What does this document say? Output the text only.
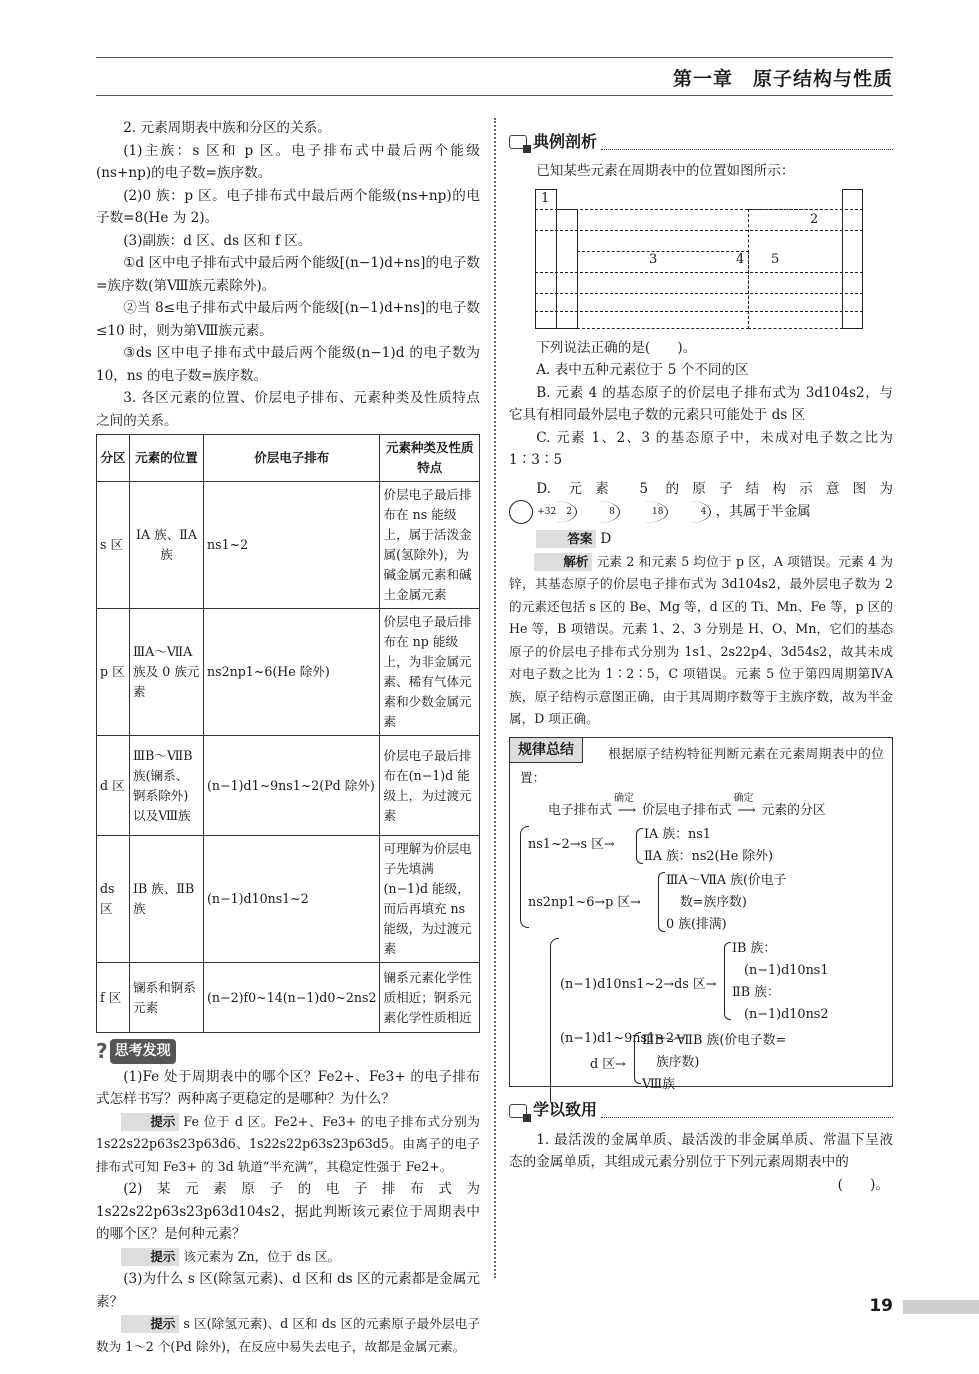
第一章　原子结构与性质

2. 元素周期表中族和分区的关系。

(1)主族：s 区和 p 区。电子排布式中最后两个能级(ns+np)的电子数=族序数。

(2)0 族：p 区。电子排布式中最后两个能级(ns+np)的电子数=8(He 为 2)。

(3)副族：d 区、ds 区和 f 区。

①d 区中电子排布式中最后两个能级[(n−1)d+ns]的电子数=族序数(第Ⅷ族元素除外)。

②当 8≤电子排布式中最后两个能级[(n−1)d+ns]的电子数≤10 时，则为第Ⅷ族元素。

③ds 区中电子排布式中最后两个能级(n−1)d 的电子数为 10，ns 的电子数=族序数。

3. 各区元素的位置、价层电子排布、元素种类及性质特点之间的关系。

分区	元素的位置	价层电子排布	元素种类及性质特点
s 区	ⅠA 族、ⅡA 族	ns1~2	价层电子最后排布在 ns 能级上，属于活泼金属(氢除外)，为碱金属元素和碱土金属元素
p 区	ⅢA～ⅦA 族及 0 族元素	ns2np1~6(He 除外)	价层电子最后排布在 np 能级上，为非金属元素、稀有气体元素和少数金属元素
d 区	ⅢB～ⅦB 族(镧系、锕系除外)以及Ⅷ族	(n−1)d1~9ns1~2(Pd 除外)	价层电子最后排布在(n−1)d 能级上，为过渡元素
ds 区	ⅠB 族、ⅡB 族	(n−1)d10ns1~2	可理解为价层电子先填满(n−1)d 能级，而后再填充 ns 能级，为过渡元素
f 区	镧系和锕系元素	(n−2)f0~14(n−1)d0~2ns2	镧系元素化学性质相近；锕系元素化学性质相近
? 思考发现

(1)Fe 处于周期表中的哪个区？Fe2+、Fe3+ 的电子排布式怎样书写？两种离子更稳定的是哪种？为什么？

提示 Fe 位于 d 区。Fe2+、Fe3+ 的电子排布式分别为 1s22s22p63s23p63d6、1s22s22p63s23p63d5。由离子的电子排布式可知 Fe3+ 的 3d 轨道“半充满”，其稳定性强于 Fe2+。

(2)某元素原子的电子排布式为 1s22s22p63s23p63d104s2，据此判断该元素位于周期表中的哪个区？是何种元素？

提示 该元素为 Zn，位于 ds 区。

(3)为什么 s 区(除氢元素)、d 区和 ds 区的元素都是金属元素？

提示 s 区(除氢元素)、d 区和 ds 区的元素原子最外层电子数为 1～2 个(Pd 除外)，在反应中易失去电子，故都是金属元素。

典例剖析

已知某些元素在周期表中的位置如图所示：

1
2
3	4 5

下列说法正确的是(　　)。

A. 表中五种元素位于 5 个不同的区

B. 元素 4 的基态原子的价层电子排布式为 3d104s2，与它具有相同最外层电子数的元素只可能处于 ds 区

C. 元素 1、2、3 的基态原子中，未成对电子数之比为 1∶3∶5

D. 元素 5 的原子结构示意图为
+32	2	8	18	4 ，其属于半金属

答案 D

解析 元素 2 和元素 5 均位于 p 区，A 项错误。元素 4 为锌，其基态原子的价层电子排布式为 3d104s2，最外层电子数为 2 的元素还包括 s 区的 Be、Mg 等，d 区的 Ti、Mn、Fe 等，p 区的 He 等，B 项错误。元素 1、2、3 分别是 H、O、Mn，它们的基态原子的价层电子排布式分别为 1s1、2s22p4、3d54s2，故其未成对电子数之比为 1∶2∶5，C 项错误。元素 5 位于第四周期第ⅣA 族，原子结构示意图正确，由于其周期序数等于主族序数，故为半金属，D 项正确。

规律总结	根据原子结构特征判断元素在元素周期表中的位置：

电子排布式
确定
⟶ 价层电子排布式
确定
⟶ 元素的分区
ns1~2→s 区→
ⅠA 族：ns1
ⅡA 族：ns2(He 除外)
ns2np1~6→p 区→
ⅢA～ⅦA 族(价电子
数=族序数)
0 族(排满)
(n−1)d10ns1~2→ds 区→
ⅠB 族：
(n−1)d10ns1
ⅡB 族：
(n−1)d10ns2
(n−1)d1~9ns1~2→
d 区→
ⅢB～ⅦB 族(价电子数=
族序数)
Ⅷ族
学以致用

1. 最活泼的金属单质、最活泼的非金属单质、常温下呈液态的金属单质，其组成元素分别位于下列元素周期表中的

(　　)。

19
